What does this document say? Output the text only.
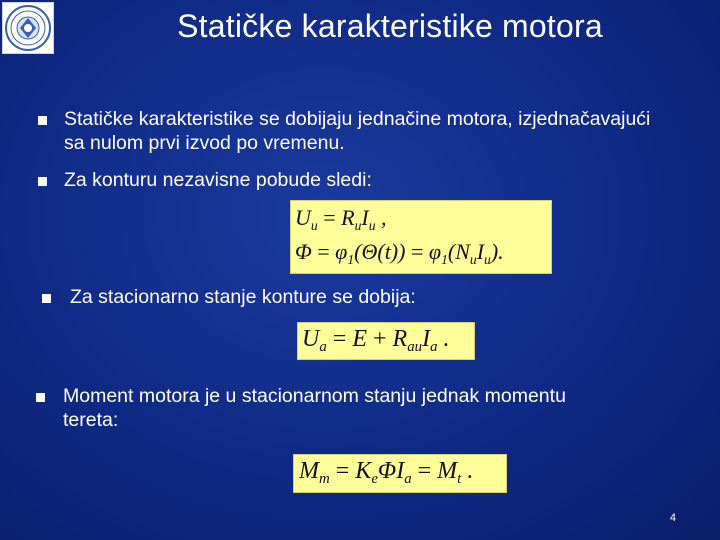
Statičke karakteristike motora
Statičke karakteristike se dobijaju jednačine motora, izjednačavajući sa nulom prvi izvod po vremenu.
Za konturu nezavisne pobude sledi:
$U_u = R_uI_u$ ,
$\Phi = \varphi_1(\Theta(t)) = \varphi_1(N_uI_u)$.
Za stacionarno stanje konture se dobija:
$U_a = E + R_{au}I_a$ .
Moment motora je u stacionarnom stanju jednak momentu tereta:
$M_m = K_e\Phi I_a = M_t$ .
4
